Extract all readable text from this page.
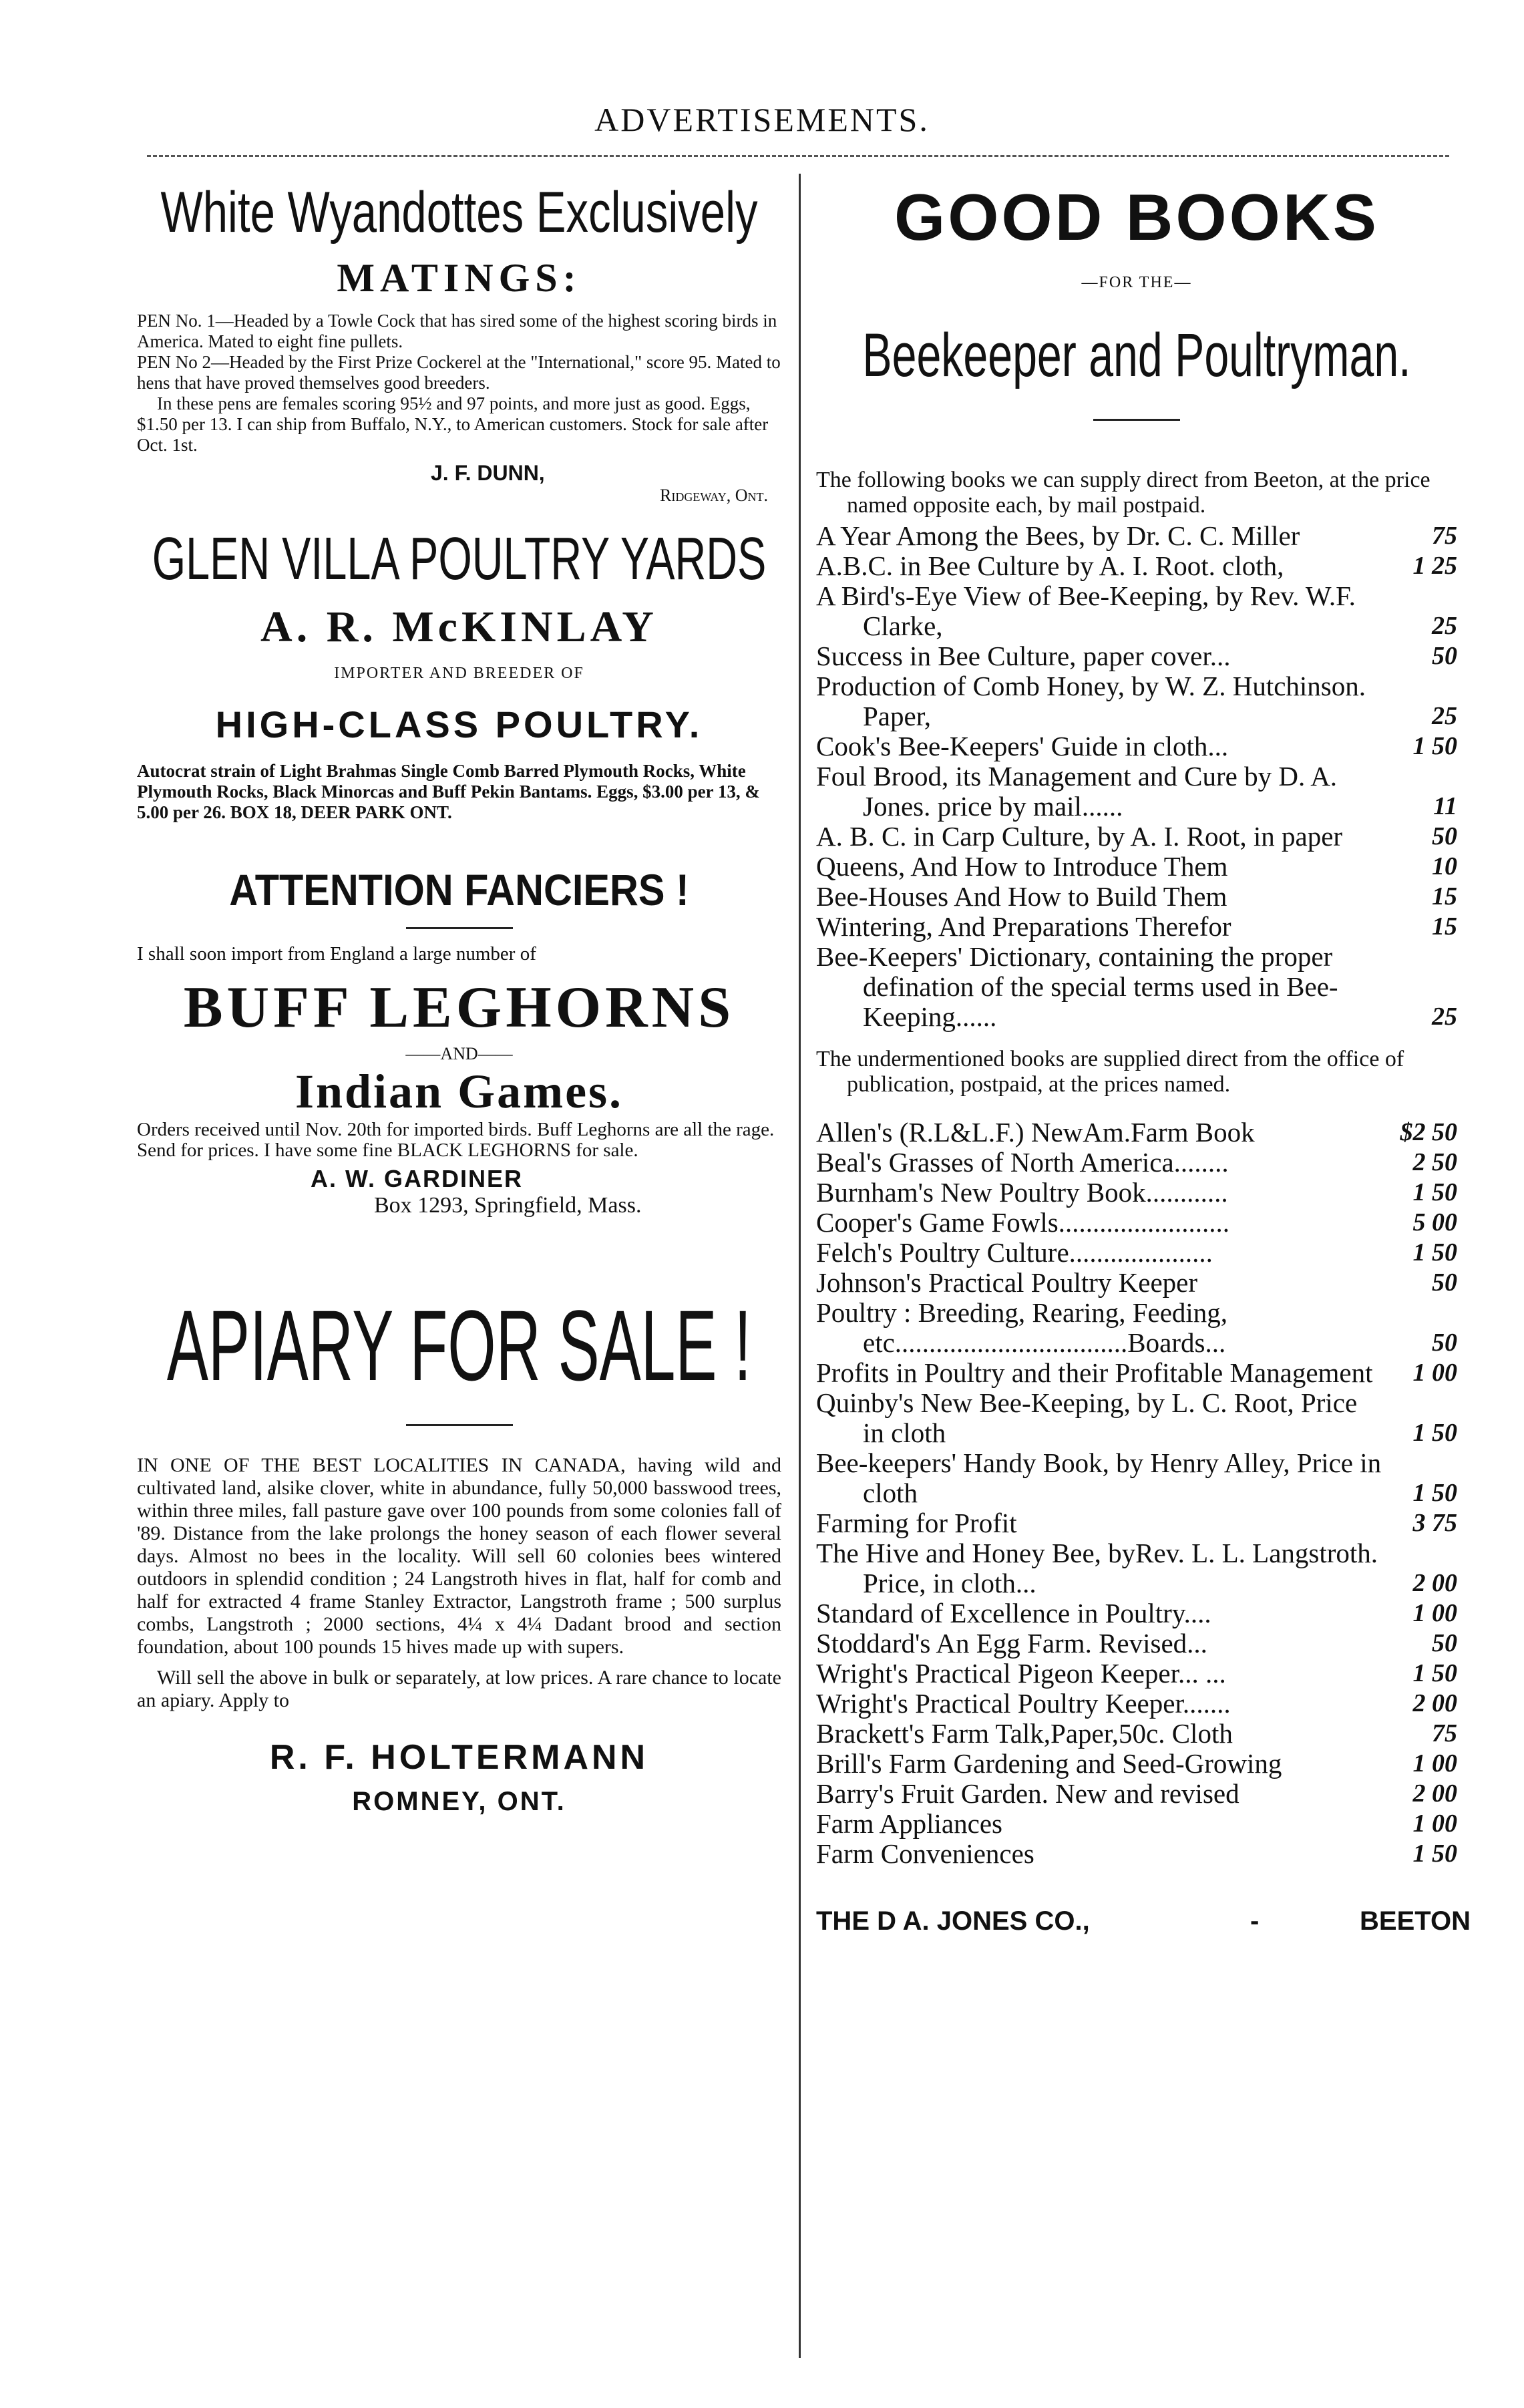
ADVERTISEMENTS.
White Wyandottes Exclusively
MATINGS:
PEN No. 1—Headed by a Towle Cock that has sired some of the highest scoring birds in America. Mated to eight fine pullets.
PEN No 2—Headed by the First Prize Cockerel at the "International," score 95. Mated to hens that have proved themselves good breeders.
In these pens are females scoring 95½ and 97 points, and more just as good. Eggs, $1.50 per 13. I can ship from Buffalo, N.Y., to American customers. Stock for sale after Oct. 1st.
J. F. DUNN,
Ridgeway, Ont.
GLEN VILLA POULTRY YARDS
A. R. McKINLAY
IMPORTER AND BREEDER OF
HIGH-CLASS POULTRY.
Autocrat strain of Light Brahmas Single Comb Barred Plymouth Rocks, White Plymouth Rocks, Black Minorcas and Buff Pekin Bantams. Eggs, $3.00 per 13, & 5.00 per 26. BOX 18, DEER PARK ONT.
ATTENTION FANCIERS !
I shall soon import from England a large number of
BUFF LEGHORNS
——AND——
Indian Games.
Orders received until Nov. 20th for imported birds. Buff Leghorns are all the rage. Send for prices. I have some fine BLACK LEGHORNS for sale.
A. W. GARDINER
Box 1293, Springfield, Mass.
APIARY FOR SALE !
IN ONE OF THE BEST LOCALITIES IN CANADA, having wild and cultivated land, alsike clover, white in abundance, fully 50,000 basswood trees, within three miles, fall pasture gave over 100 pounds from some colonies fall of '89. Distance from the lake prolongs the honey season of each flower several days. Almost no bees in the locality. Will sell 60 colonies bees wintered outdoors in splendid condition ; 24 Langstroth hives in flat, half for comb and half for extracted 4 frame Stanley Extractor, Langstroth frame ; 500 surplus combs, Langstroth ; 2000 sections, 4¼ x 4¼ Dadant brood and section foundation, about 100 pounds 15 hives made up with supers.
Will sell the above in bulk or separately, at low prices. A rare chance to locate an apiary. Apply to
R. F. HOLTERMANN
ROMNEY, ONT.
GOOD BOOKS
—FOR THE—
Beekeeper and Poultryman.
The following books we can supply direct from Beeton, at the price named opposite each, by mail postpaid.
A Year Among the Bees, by Dr. C. C. Miller	75
A.B.C. in Bee Culture by A. I. Root. cloth,	1 25
A Bird's-Eye View of Bee-Keeping, by Rev. W.F. Clarke,	25
Success in Bee Culture, paper cover...	50
Production of Comb Honey, by W. Z. Hutchinson. Paper,	25
Cook's Bee-Keepers' Guide in cloth...	1 50
Foul Brood, its Management and Cure by D. A. Jones. price by mail......	11
A. B. C. in Carp Culture, by A. I. Root, in paper	50
Queens, And How to Introduce Them	10
Bee-Houses And How to Build Them	15
Wintering, And Preparations Therefor	15
Bee-Keepers' Dictionary, containing the proper defination of the special terms used in Bee-Keeping......	25
The undermentioned books are supplied direct from the office of publication, postpaid, at the prices named.
Allen's (R.L&L.F.) NewAm.Farm Book	$2 50
Beal's Grasses of North America........	2 50
Burnham's New Poultry Book............	1 50
Cooper's Game Fowls.........................	5 00
Felch's Poultry Culture.....................	1 50
Johnson's Practical Poultry Keeper	50
Poultry : Breeding, Rearing, Feeding, etc..................................Boards...	50
Profits in Poultry and their Profitable Management	1 00
Quinby's New Bee-Keeping, by L. C. Root, Price in cloth	1 50
Bee-keepers' Handy Book, by Henry Alley, Price in cloth	1 50
Farming for Profit	3 75
The Hive and Honey Bee, byRev. L. L. Langstroth. Price, in cloth...	2 00
Standard of Excellence in Poultry....	1 00
Stoddard's An Egg Farm. Revised...	50
Wright's Practical Pigeon Keeper... ...	1 50
Wright's Practical Poultry Keeper.......	2 00
Brackett's Farm Talk,Paper,50c. Cloth	75
Brill's Farm Gardening and Seed-Growing	1 00
Barry's Fruit Garden. New and revised	2 00
Farm Appliances	1 00
Farm Conveniences	1 50
THE D A. JONES CO.,	-	BEETON
